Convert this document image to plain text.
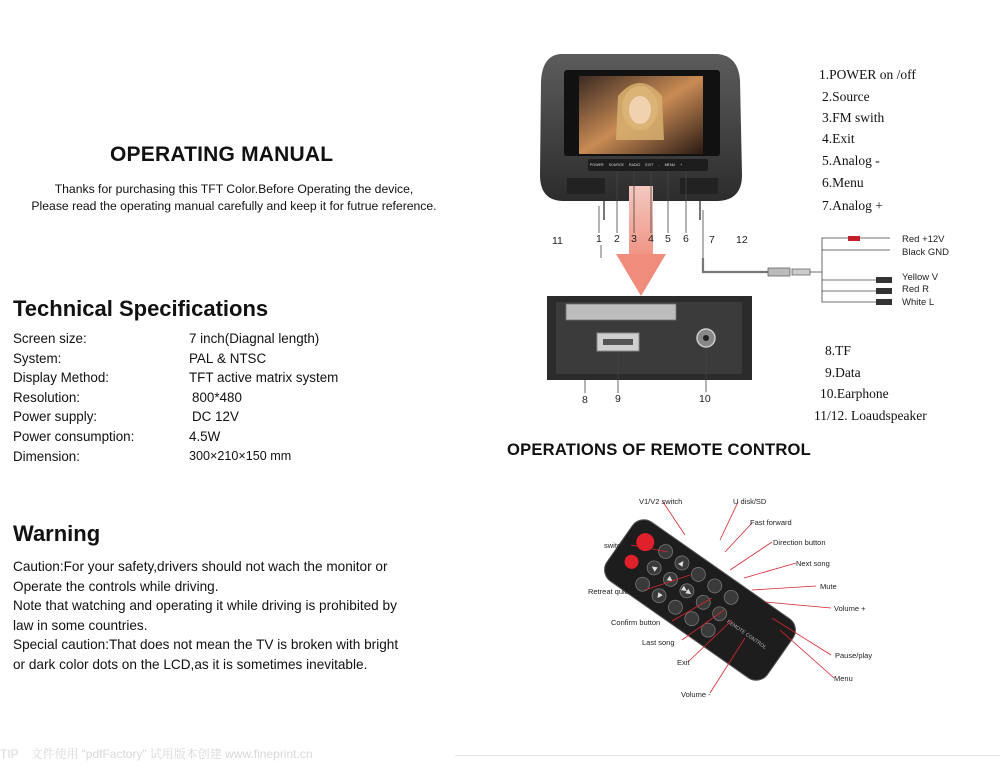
OPERATING MANUAL
Thanks for purchasing this TFT Color.Before Operating the device,
Please read the operating manual carefully and keep it for futrue reference.
Technical Specifications
Screen size:	7 inch(Diagnal length)
System:	PAL & NTSC
Display Method:	TFT active matrix system
Resolution:	800*480
Power supply:	DC 12V
Power consumption:	4.5W
Dimension:	300×210×150 mm
Warning
Caution:For your safety,drivers should not wach the monitor or
Operate the controls while driving.
Note that watching and operating it while driving is prohibited by
law in some countries.
Special caution:That does not mean the TV is broken with bright
or dark color dots on the LCD,as it is sometimes inevitable.
TIP　文件使用 “pdfFactory” 试用版本创建 www.fineprint.cn
POWER SOURCE RADIO EXIT - MENU +
11	1 2 3 4 5 6 7 12
1.POWER on /off
2.Source
3.FM swith
4.Exit
5.Analog -
6.Menu
7.Analog +
Red +12V
Black GND
Yellow V
Red R
White L
8	9	10
8.TF
9.Data
10.Earphone
11/12. Loaudspeaker
OPERATIONS OF REMOTE CONTROL
◀
▶
▶▶
▲
▼
REMOTE CONTROL
V1/V2 switch	U disk/SD
switch
Fast forward
Direction button
Next song
Mute
Retreat quickly
Volume +
Confirm button
Last song
Pause/play
Exit
Menu
Volume -
